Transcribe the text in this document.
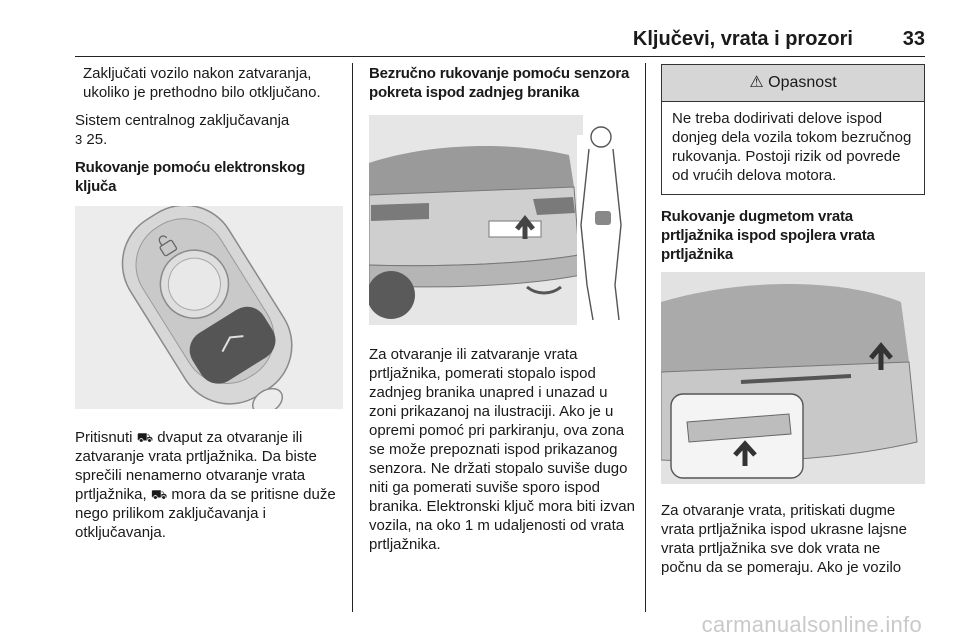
Ključevi, vrata i prozori 33

Zaključati vozilo nakon zatvaranja, ukoliko je prethodno bilo otključano.

Sistem centralnog zaključavanja
3 25.

Rukovanje pomoću elektronskog ključa

Pritisnuti ⛟ dvaput za otvaranje ili zatvaranje vrata prtljažnika. Da biste sprečili nenamerno otvaranje vrata prtljažnika, ⛟ mora da se pritisne duže nego prilikom zaključavanja i otključavanja.

Bezručno rukovanje pomoću senzora pokreta ispod zadnjeg branika

Za otvaranje ili zatvaranje vrata prtljažnika, pomerati stopalo ispod zadnjeg branika unapred i unazad u zoni prikazanoj na ilustraciji. Ako je u opremi pomoć pri parkiranju, ova zona se može prepoznati ispod prikazanog senzora. Ne držati stopalo suviše dugo niti ga pomerati suviše sporo ispod branika. Elektronski ključ mora biti izvan vozila, na oko 1 m udaljenosti od vrata prtljažnika.

⚠ Opasnost
Ne treba dodirivati delove ispod donjeg dela vozila tokom bezručnog rukovanja. Postoji rizik od povrede od vrućih delova motora.

Rukovanje dugmetom vrata prtljažnika ispod spojlera vrata prtljažnika

Za otvaranje vrata, pritiskati dugme vrata prtljažnika ispod ukrasne lajsne vrata prtljažnika sve dok vrata ne počnu da se pomeraju. Ako je vozilo

carmanualsonline.info
